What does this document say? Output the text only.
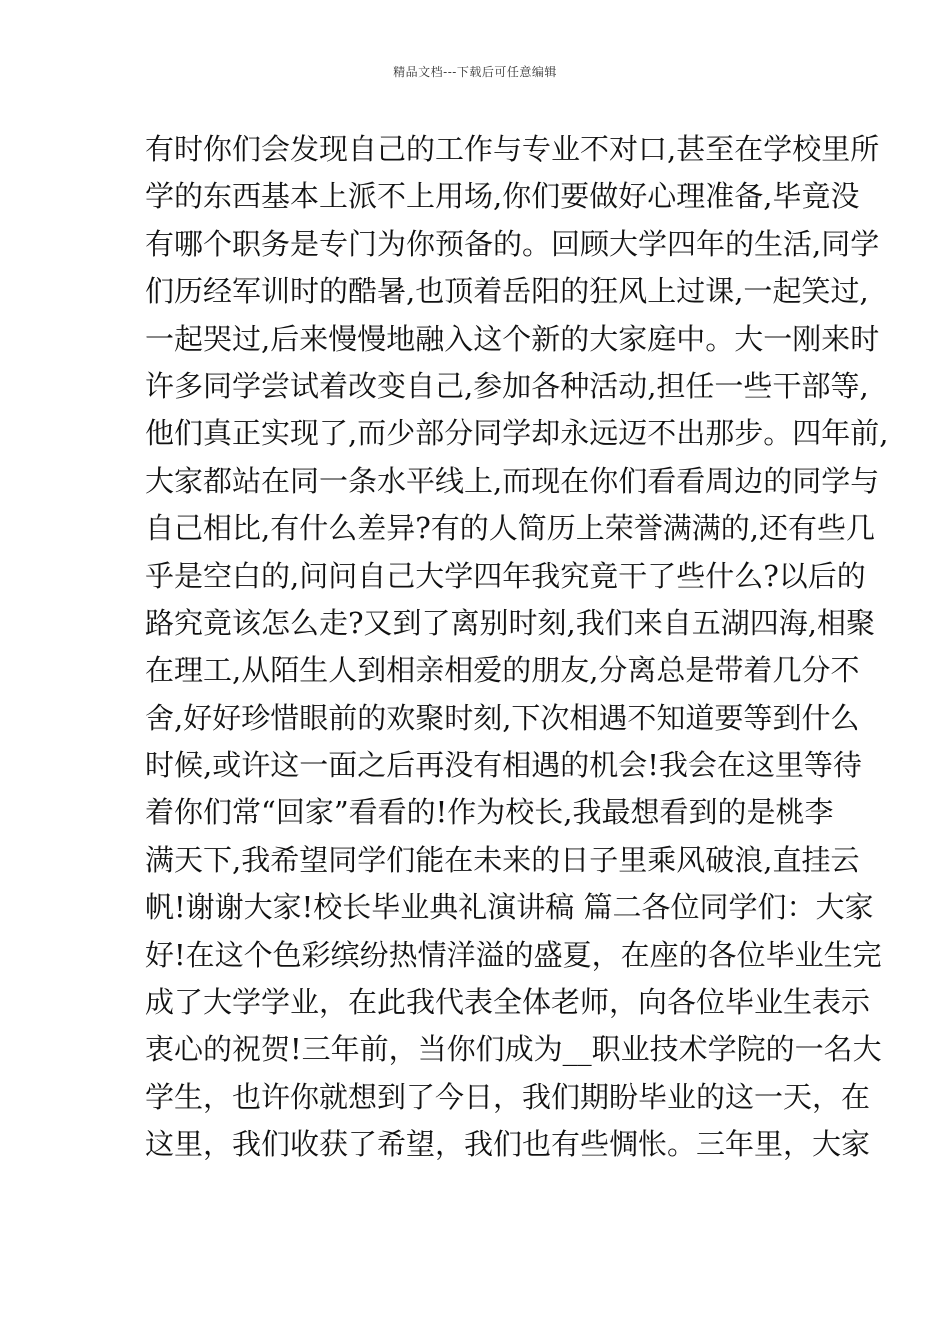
精品文档---下载后可任意编辑
有时你们会发现自己的工作与专业不对口,甚至在学校里所
学的东西基本上派不上用场,你们要做好心理准备,毕竟没
有哪个职务是专门为你预备的。回顾大学四年的生活,同学
们历经军训时的酷暑,也顶着岳阳的狂风上过课,一起笑过,
一起哭过,后来慢慢地融入这个新的大家庭中。大一刚来时
许多同学尝试着改变自己,参加各种活动,担任一些干部等,
他们真正实现了,而少部分同学却永远迈不出那步。四年前,
大家都站在同一条水平线上,而现在你们看看周边的同学与
自己相比,有什么差异?有的人简历上荣誉满满的,还有些几
乎是空白的,问问自己大学四年我究竟干了些什么?以后的
路究竟该怎么走?又到了离别时刻,我们来自五湖四海,相聚
在理工,从陌生人到相亲相爱的朋友,分离总是带着几分不
舍,好好珍惜眼前的欢聚时刻,下次相遇不知道要等到什么
时候,或许这一面之后再没有相遇的机会!我会在这里等待
着你们常“回家”看看的!作为校长,我最想看到的是桃李
满天下,我希望同学们能在未来的日子里乘风破浪,直挂云
帆!谢谢大家!校长毕业典礼演讲稿 篇二各位同学们：大家
好!在这个色彩缤纷热情洋溢的盛夏，在座的各位毕业生完
成了大学学业，在此我代表全体老师，向各位毕业生表示
衷心的祝贺!三年前，当你们成为__职业技术学院的一名大
学生，也许你就想到了今日，我们期盼毕业的这一天，在
这里，我们收获了希望，我们也有些惆怅。三年里，大家
